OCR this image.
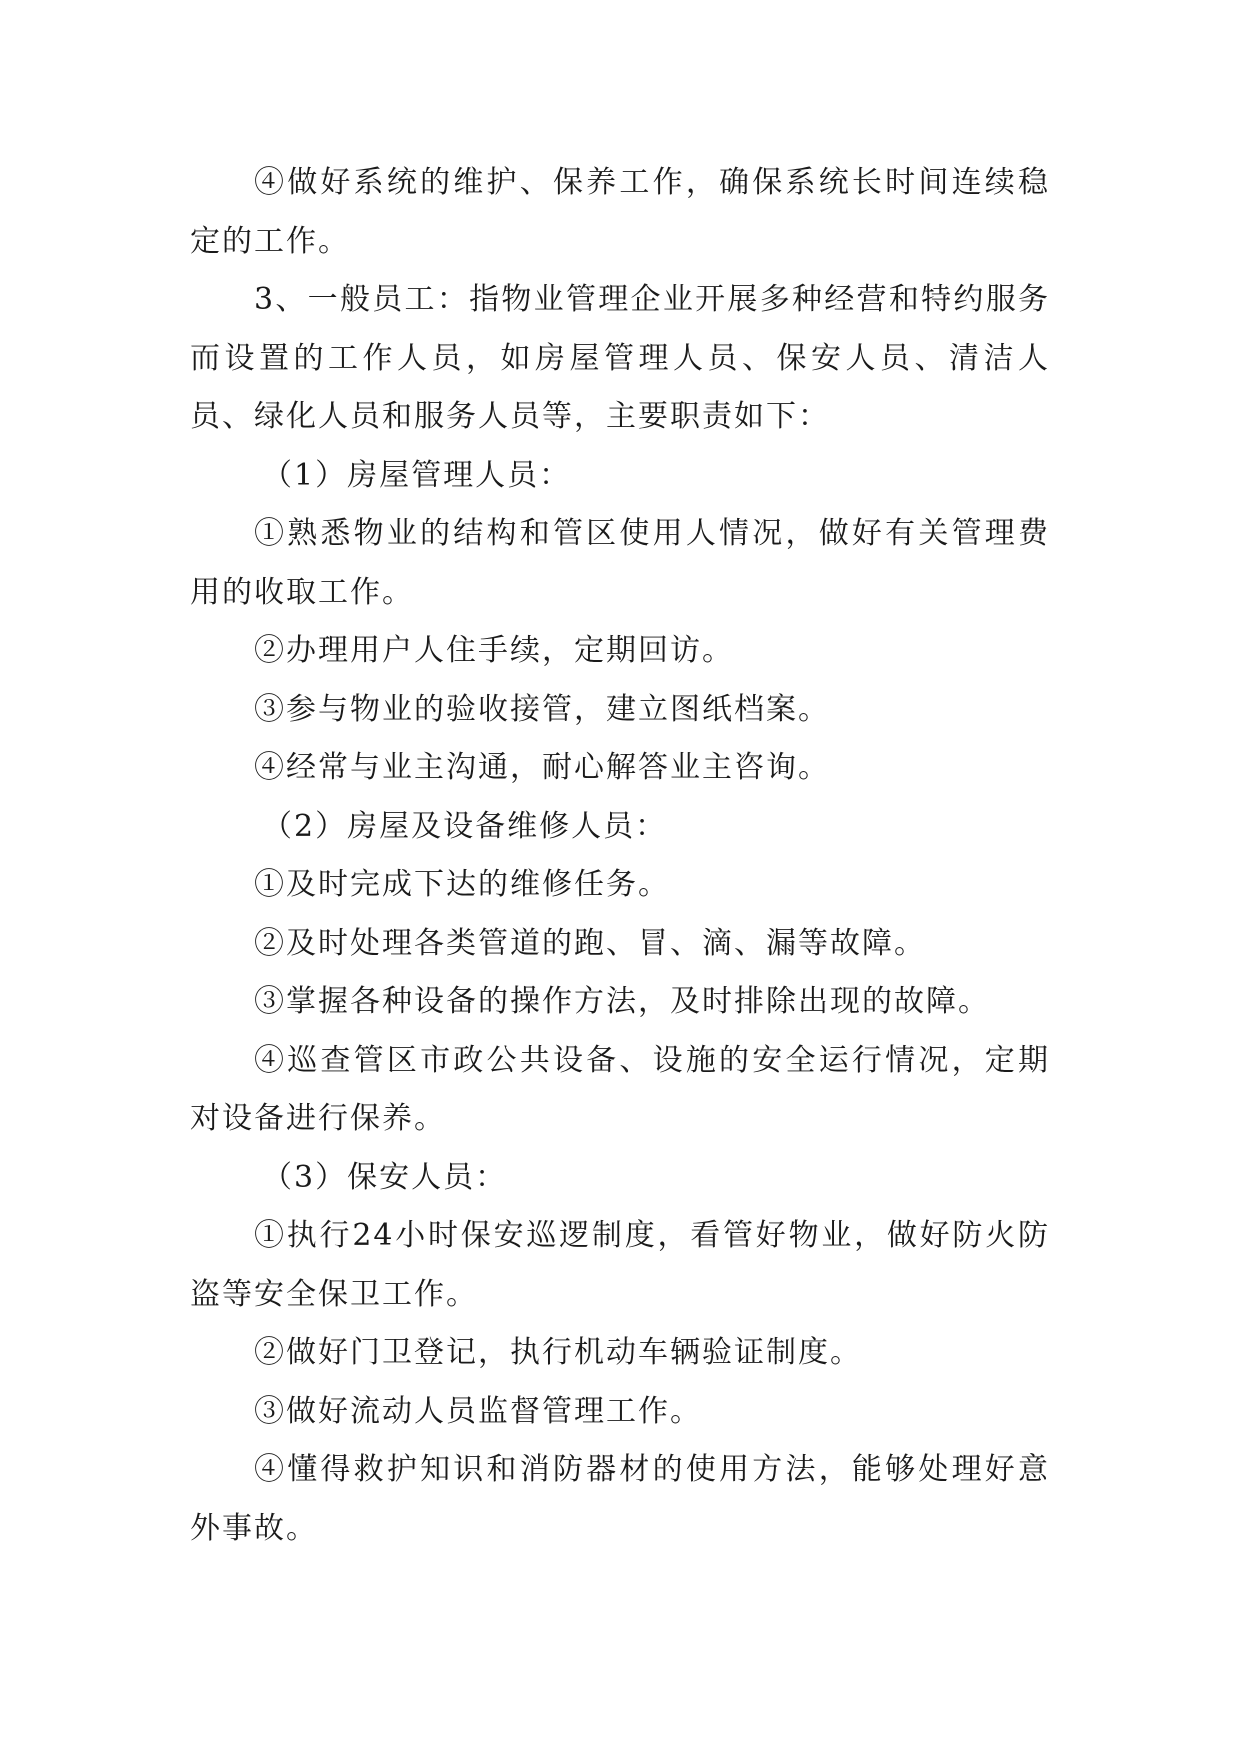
④做好系统的维护、保养工作，确保系统长时间连续稳定的工作。

3、一般员工：指物业管理企业开展多种经营和特约服务而设置的工作人员，如房屋管理人员、保安人员、清洁人员、绿化人员和服务人员等，主要职责如下：

（1）房屋管理人员：

①熟悉物业的结构和管区使用人情况，做好有关管理费用的收取工作。

②办理用户人住手续，定期回访。

③参与物业的验收接管，建立图纸档案。

④经常与业主沟通，耐心解答业主咨询。

（2）房屋及设备维修人员：

①及时完成下达的维修任务。

②及时处理各类管道的跑、冒、滴、漏等故障。

③掌握各种设备的操作方法，及时排除出现的故障。

④巡查管区市政公共设备、设施的安全运行情况，定期对设备进行保养。

（3）保安人员：

①执行24小时保安巡逻制度，看管好物业，做好防火防盗等安全保卫工作。

②做好门卫登记，执行机动车辆验证制度。

③做好流动人员监督管理工作。

④懂得救护知识和消防器材的使用方法，能够处理好意外事故。
